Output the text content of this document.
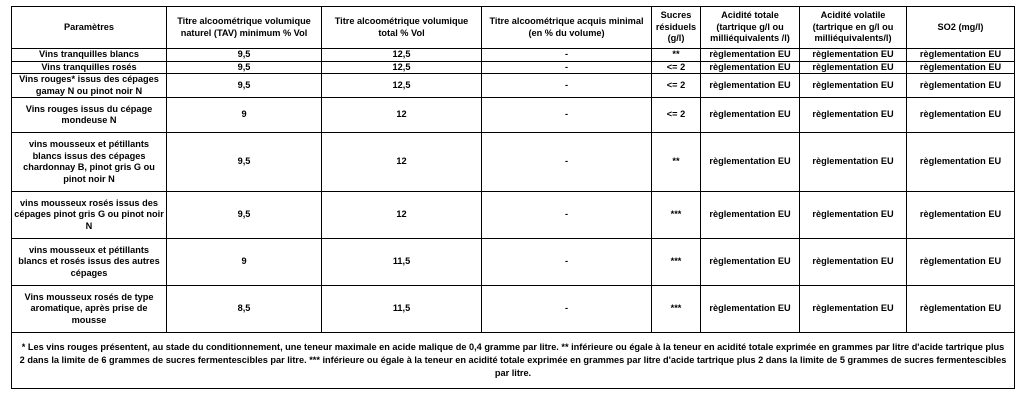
Paramètres	Titre alcoométrique volumique naturel (TAV) minimum % Vol	Titre alcoométrique volumique total % Vol	Titre alcoométrique acquis minimal (en % du volume)	Sucres résiduels (g/l)	Acidité totale (tartrique g/l ou milliéquivalents /l)	Acidité volatile (tartrique en g/l ou milliéquivalents/l)	SO2 (mg/l)
Vins tranquilles blancs	9,5	12,5	-	**	règlementation EU	règlementation EU	règlementation EU
Vins tranquilles rosés	9,5	12,5	-	<= 2	règlementation EU	règlementation EU	règlementation EU
Vins rouges* issus des cépages gamay N ou pinot noir N	9,5	12,5	-	<= 2	règlementation EU	règlementation EU	règlementation EU
Vins rouges issus du cépage mondeuse N	9	12	-	<= 2	règlementation EU	règlementation EU	règlementation EU
vins mousseux et pétillants blancs issus des cépages chardonnay B, pinot gris G ou pinot noir N	9,5	12	-	**	règlementation EU	règlementation EU	règlementation EU
vins mousseux rosés issus des cépages pinot gris G ou pinot noir N	9,5	12	-	***	règlementation EU	règlementation EU	règlementation EU
vins mousseux et pétillants blancs et rosés issus des autres cépages	9	11,5	-	***	règlementation EU	règlementation EU	règlementation EU
Vins mousseux rosés de type aromatique, après prise de mousse	8,5	11,5	-	***	règlementation EU	règlementation EU	règlementation EU
* Les vins rouges présentent, au stade du conditionnement, une teneur maximale en acide malique de 0,4 gramme par litre. ** inférieure ou égale à la teneur en acidité totale exprimée en grammes par litre d'acide tartrique plus 2 dans la limite de 6 grammes de sucres fermentescibles par litre. *** inférieure ou égale à la teneur en acidité totale exprimée en grammes par litre d'acide tartrique plus 2 dans la limite de 5 grammes de sucres fermentescibles par litre.							
